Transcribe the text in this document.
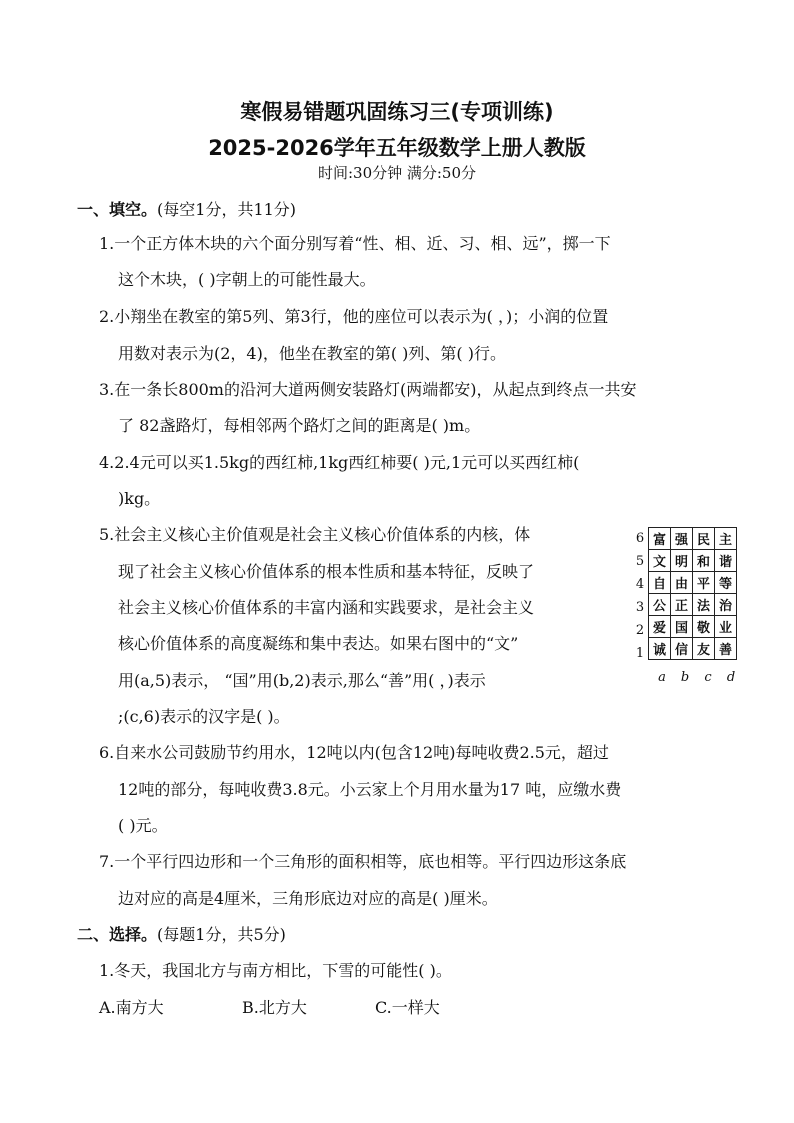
寒假易错题巩固练习三(专项训练)
2025-2026学年五年级数学上册人教版
时间:30分钟 满分:50分
一、填空。(每空1分，共11分)
1.一个正方体木块的六个面分别写着“性、相、近、习、相、远”，掷一下
这个木块，( )字朝上的可能性最大。
2.小翔坐在教室的第5列、第3行，他的座位可以表示为( ，)；小润的位置
用数对表示为(2，4)，他坐在教室的第( )列、第( )行。
3.在一条长800m的沿河大道两侧安装路灯(两端都安)，从起点到终点一共安
了 82盏路灯，每相邻两个路灯之间的距离是( )m。
4.2.4元可以买1.5kg的西红柿,1kg西红柿要( )元,1元可以买西红柿(
)kg。
5.社会主义核心主价值观是社会主义核心价值体系的内核，体
现了社会主义核心价值体系的根本性质和基本特征，反映了
社会主义核心价值体系的丰富内涵和实践要求，是社会主义
核心价值体系的高度凝练和集中表达。如果右图中的“文”
用(a,5)表示， “国”用(b,2)表示,那么“善”用( ，)表示
;(c,6)表示的汉字是( )。
6
5
4
3
2
1
富	强	民	主
文	明	和	谐
自	由	平	等
公	正	法	治
爱	国	敬	业
诚	信	友	善
a	b	c	d
6.自来水公司鼓励节约用水，12吨以内(包含12吨)每吨收费2.5元，超过
12吨的部分，每吨收费3.8元。小云家上个月用水量为17 吨，应缴水费
( )元。
7.一个平行四边形和一个三角形的面积相等，底也相等。平行四边形这条底
边对应的高是4厘米，三角形底边对应的高是( )厘米。
二、选择。(每题1分，共5分)
1.冬天，我国北方与南方相比，下雪的可能性( )。
A.南方大	B.北方大	C.一样大
